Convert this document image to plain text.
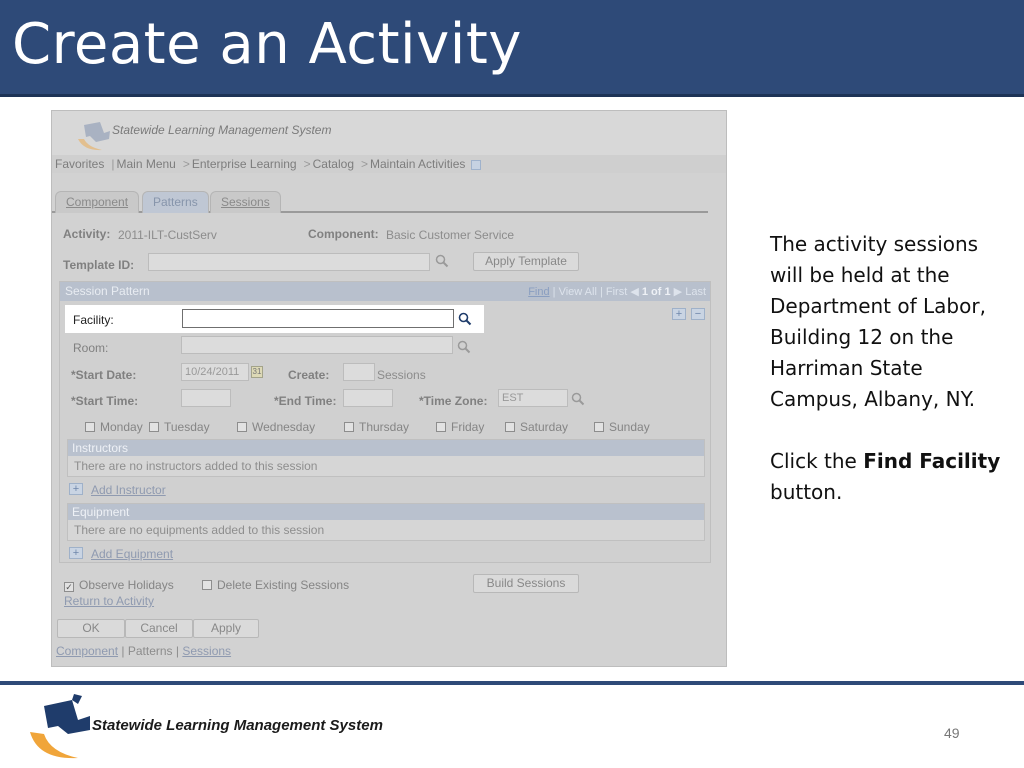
Create an Activity
Statewide Learning Management System
Favorites | Main Menu > Enterprise Learning > Catalog > Maintain Activities
Component	Patterns	Sessions
Activity: 2011-ILT-CustServ	Component: Basic Customer Service
Template ID:	Apply Template
Session Pattern	Find | View All | First ◀ 1 of 1 ▶ Last
+	−
Facility:
Room:
*Start Date:	10/24/2011	31 Create:	Sessions
*Start Time:	*End Time:	*Time Zone:	EST
Monday	Tuesday	Wednesday	Thursday	Friday	Saturday	Sunday
Instructors
There are no instructors added to this session
+ Add Instructor
Equipment
There are no equipments added to this session
+ Add Equipment
✓ Observe Holidays	Delete Existing Sessions	Build Sessions
Return to Activity
OK	Cancel	Apply
Component | Patterns | Sessions

The activity sessions will be held at the Department of Labor, Building 12 on the Harriman State Campus, Albany, NY.

Click the Find Facility button.

Statewide Learning Management System	49
